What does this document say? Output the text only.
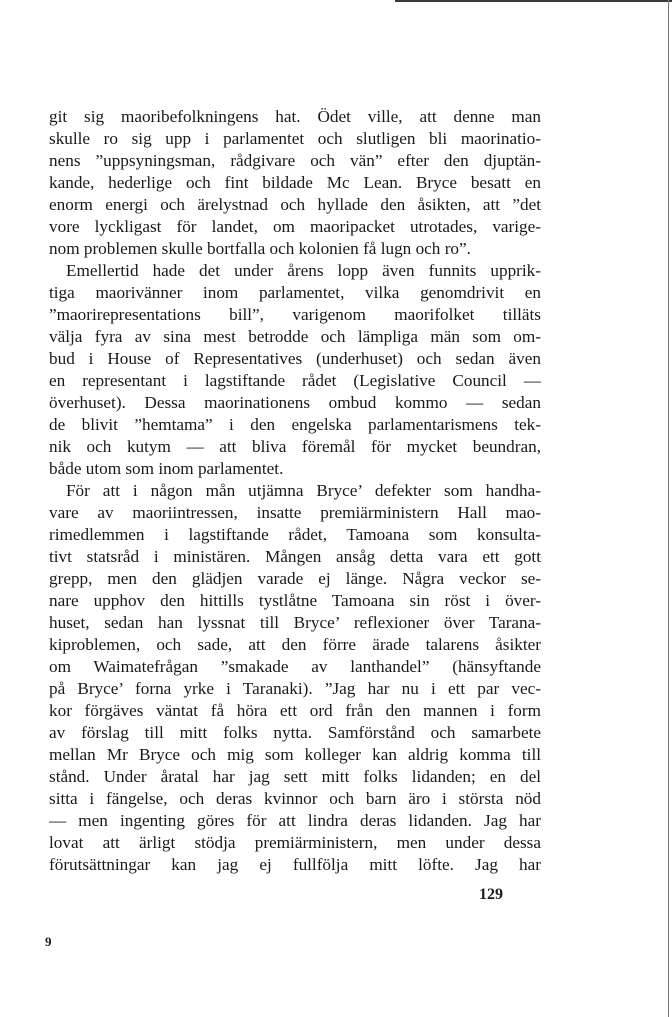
git sig maoribefolkningens hat. Ödet ville, att denne man
skulle ro sig upp i parlamentet och slutligen bli maorinatio-
nens ”uppsyningsman, rådgivare och vän” efter den djuptän-
kande, hederlige och fint bildade Mc Lean. Bryce besatt en
enorm energi och ärelystnad och hyllade den åsikten, att ”det
vore lyckligast för landet, om maoripacket utrotades, varige-
nom problemen skulle bortfalla och kolonien få lugn och ro”.
Emellertid hade det under årens lopp även funnits upprik-
tiga maorivänner inom parlamentet, vilka genomdrivit en
”maorirepresentations bill”, varigenom maorifolket tilläts
välja fyra av sina mest betrodde och lämpliga män som om-
bud i House of Representatives (underhuset) och sedan även
en representant i lagstiftande rådet (Legislative Council —
överhuset). Dessa maorinationens ombud kommo — sedan
de blivit ”hemtama” i den engelska parlamentarismens tek-
nik och kutym — att bliva föremål för mycket beundran,
både utom som inom parlamentet.
För att i någon mån utjämna Bryce’ defekter som handha-
vare av maoriintressen, insatte premiärministern Hall mao-
rimedlemmen i lagstiftande rådet, Tamoana som konsulta-
tivt statsråd i ministären. Mången ansåg detta vara ett gott
grepp, men den glädjen varade ej länge. Några veckor se-
nare upphov den hittills tystlåtne Tamoana sin röst i över-
huset, sedan han lyssnat till Bryce’ reflexioner över Tarana-
kiproblemen, och sade, att den förre ärade talarens åsikter
om Waimatefrågan ”smakade av lanthandel” (hänsyftande
på Bryce’ forna yrke i Taranaki). ”Jag har nu i ett par vec-
kor förgäves väntat få höra ett ord från den mannen i form
av förslag till mitt folks nytta. Samförstånd och samarbete
mellan Mr Bryce och mig som kolleger kan aldrig komma till
stånd. Under åratal har jag sett mitt folks lidanden; en del
sitta i fängelse, och deras kvinnor och barn äro i största nöd
— men ingenting göres för att lindra deras lidanden. Jag har
lovat att ärligt stödja premiärministern, men under dessa
förutsättningar kan jag ej fullfölja mitt löfte. Jag har
129
9
